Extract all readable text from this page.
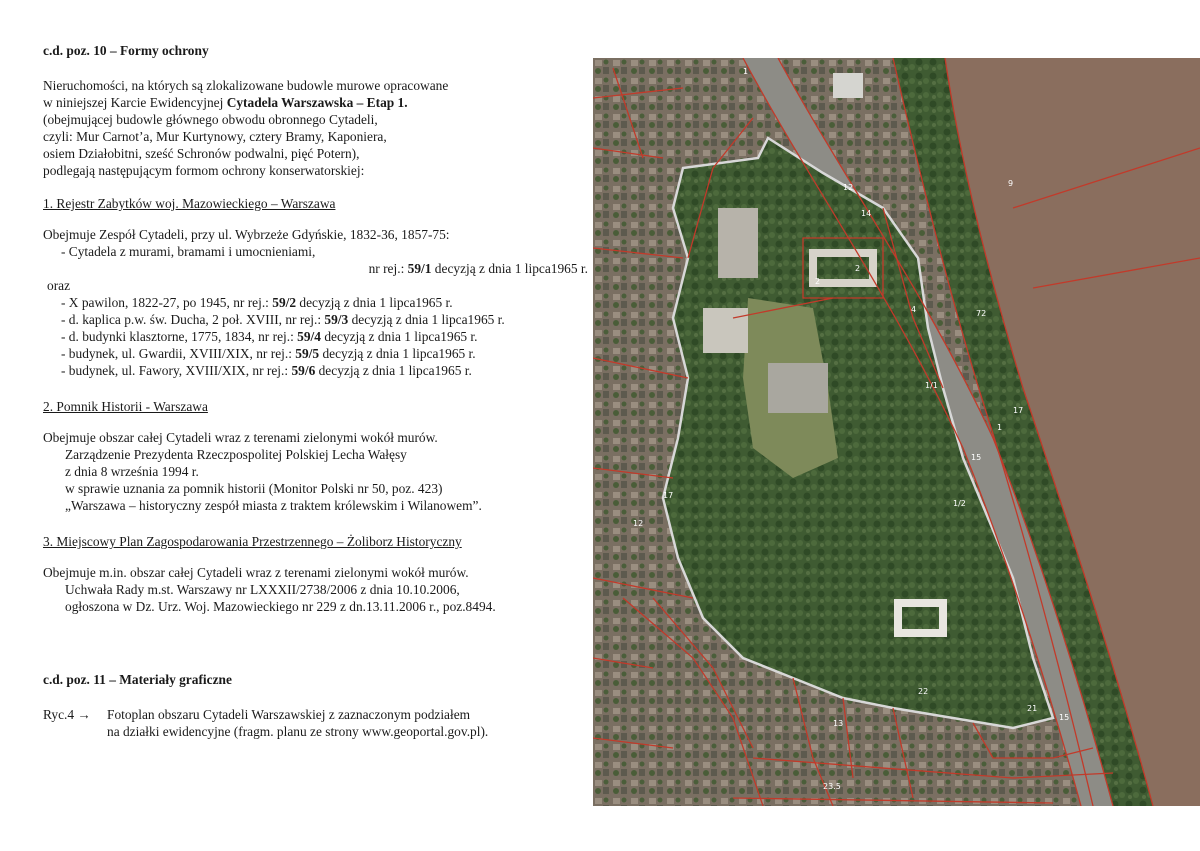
c.d. poz. 10 – Formy ochrony

Nieruchomości, na których są zlokalizowane budowle murowe opracowane
w niniejszej Karcie Ewidencyjnej Cytadela Warszawska – Etap 1.
(obejmującej budowle głównego obwodu obronnego Cytadeli,
czyli: Mur Carnot’a, Mur Kurtynowy, cztery Bramy, Kaponiera,
osiem Działobitni, sześć Schronów podwalni, pięć Potern),
podlegają następującym formom ochrony konserwatorskiej:
1. Rejestr Zabytków woj. Mazowieckiego – Warszawa
Obejmuje Zespół Cytadeli, przy ul. Wybrzeże Gdyńskie, 1832-36, 1857-75:
- Cytadela z murami, bramami i umocnieniami,
nr rej.: 59/1 decyzją z dnia 1 lipca1965 r.
oraz
- X pawilon, 1822-27, po 1945, nr rej.: 59/2 decyzją z dnia 1 lipca1965 r.
- d. kaplica p.w. św. Ducha, 2 poł. XVIII, nr rej.: 59/3 decyzją z dnia 1 lipca1965 r.
- d. budynki klasztorne, 1775, 1834, nr rej.: 59/4 decyzją z dnia 1 lipca1965 r.
- budynek, ul. Gwardii, XVIII/XIX, nr rej.: 59/5 decyzją z dnia 1 lipca1965 r.
- budynek, ul. Fawory, XVIII/XIX, nr rej.: 59/6 decyzją z dnia 1 lipca1965 r.
2. Pomnik Historii - Warszawa
Obejmuje obszar całej Cytadeli wraz z terenami zielonymi wokół murów.
Zarządzenie Prezydenta Rzeczpospolitej Polskiej Lecha Wałęsy
z dnia 8 września 1994 r.
w sprawie uznania za pomnik historii (Monitor Polski nr 50, poz. 423)
„Warszawa – historyczny zespół miasta z traktem królewskim i Wilanowem”.
3. Miejscowy Plan Zagospodarowania Przestrzennego – Żoliborz Historyczny
Obejmuje m.in. obszar całej Cytadeli wraz z terenami zielonymi wokół murów.
Uchwała Rady m.st. Warszawy nr LXXXII/2738/2006 z dnia 10.10.2006,
ogłoszona w Dz. Urz. Woj. Mazowieckiego nr 229 z dn.13.11.2006 r., poz.8494.

c.d. poz. 11 – Materiały graficzne

Ryc.4 →	Fotoplan obszaru Cytadeli Warszawskiej z zaznaczonym podziałem
na działki ewidencyjne (fragm. planu ze strony www.geoportal.gov.pl).
1
9
72
17
1
15
14
2
2
12
4
1/1
1/2
17
12
23.5
22
21
15
13
